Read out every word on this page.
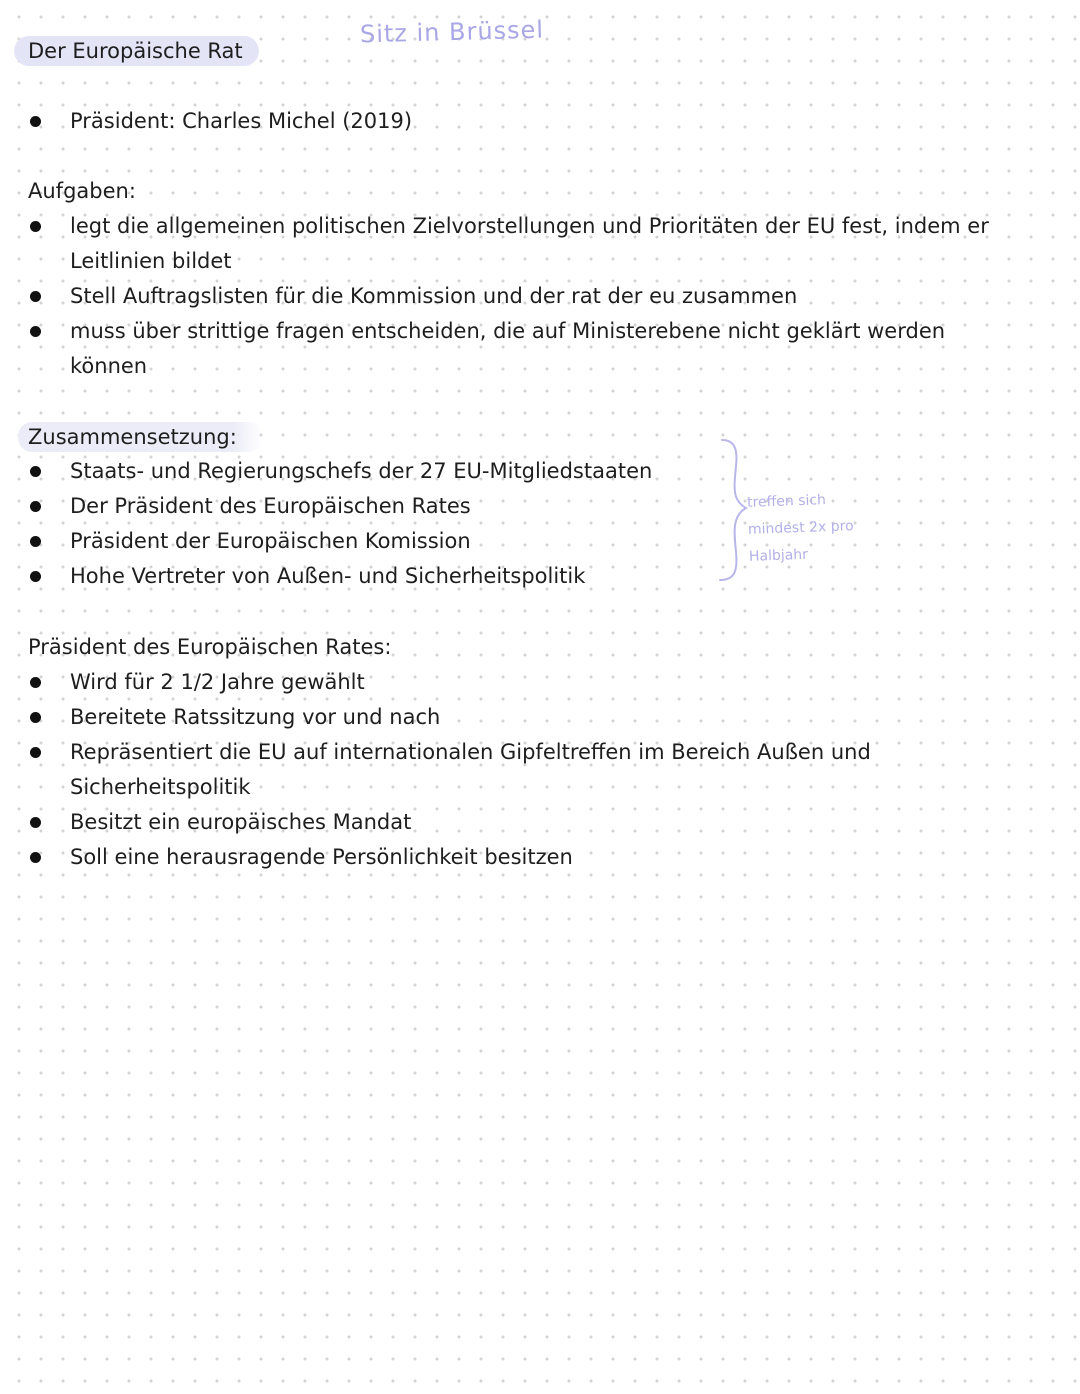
Der Europäische Rat
Sitz in Brüssel
Präsident: Charles Michel (2019)
Aufgaben:
legt die allgemeinen politischen Zielvorstellungen und Prioritäten der EU fest, indem er Leitlinien bildet
Stell Auftragslisten für die Kommission und der rat der eu zusammen
muss über strittige fragen entscheiden, die auf Ministerebene nicht geklärt werden können
Zusammensetzung:
Staats- und Regierungschefs der 27 EU-Mitgliedstaaten
Der Präsident des Europäischen Rates
Präsident der Europäischen Komission
Hohe Vertreter von Außen- und Sicherheitspolitik
treffen sich
mindest 2x pro
Halbjahr
Präsident des Europäischen Rates:
Wird für 2 1/2 Jahre gewählt
Bereitete Ratssitzung vor und nach
Repräsentiert die EU auf internationalen Gipfeltreffen im Bereich Außen und Sicherheitspolitik
Besitzt ein europäisches Mandat
Soll eine herausragende Persönlichkeit besitzen
